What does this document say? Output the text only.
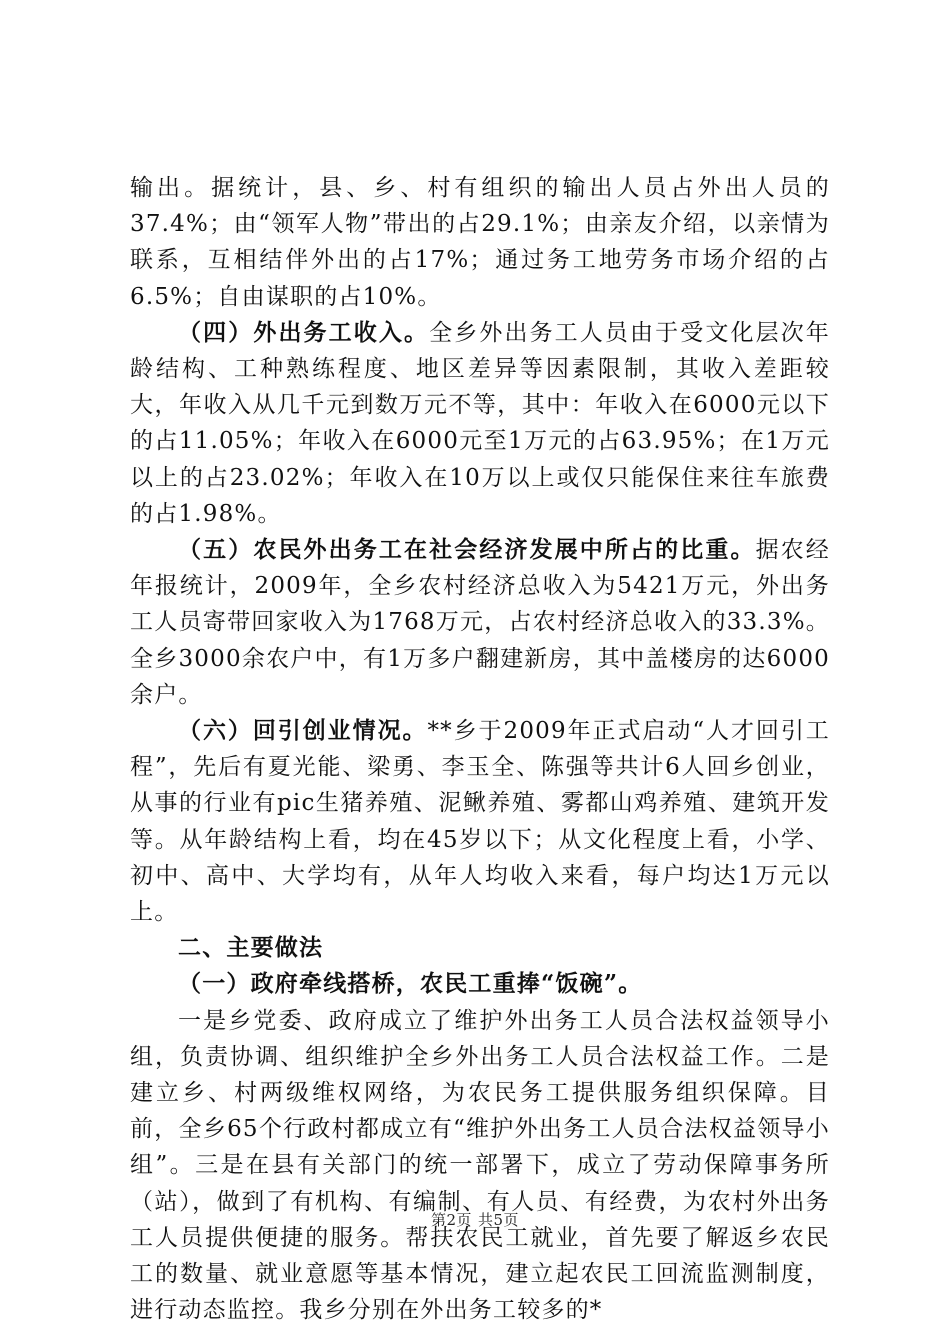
输出。据统计，县、乡、村有组织的输出人员占外出人员的37.4%；由“领军人物”带出的占29.1%；由亲友介绍，以亲情为联系，互相结伴外出的占17%；通过务工地劳务市场介绍的占6.5%；自由谋职的占10%。

（四）外出务工收入。全乡外出务工人员由于受文化层次年龄结构、工种熟练程度、地区差异等因素限制，其收入差距较大，年收入从几千元到数万元不等，其中：年收入在6000元以下的占11.05%；年收入在6000元至1万元的占63.95%；在1万元以上的占23.02%；年收入在10万以上或仅只能保住来往车旅费的占1.98%。

（五）农民外出务工在社会经济发展中所占的比重。据农经年报统计，2009年，全乡农村经济总收入为5421万元，外出务工人员寄带回家收入为1768万元，占农村经济总收入的33.3%。全乡3000余农户中，有1万多户翻建新房，其中盖楼房的达6000余户。

（六）回引创业情况。**乡于2009年正式启动“人才回引工程”，先后有夏光能、梁勇、李玉全、陈强等共计6人回乡创业，从事的行业有pic生猪养殖、泥鳅养殖、雾都山鸡养殖、建筑开发等。从年龄结构上看，均在45岁以下；从文化程度上看，小学、初中、高中、大学均有，从年人均收入来看，每户均达1万元以上。

二、主要做法

（一）政府牵线搭桥，农民工重捧“饭碗”。

一是乡党委、政府成立了维护外出务工人员合法权益领导小组，负责协调、组织维护全乡外出务工人员合法权益工作。二是建立乡、村两级维权网络，为农民务工提供服务组织保障。目前，全乡65个行政村都成立有“维护外出务工人员合法权益领导小组”。三是在县有关部门的统一部署下，成立了劳动保障事务所（站），做到了有机构、有编制、有人员、有经费，为农村外出务工人员提供便捷的服务。帮扶农民工就业，首先要了解返乡农民工的数量、就业意愿等基本情况，建立起农民工回流监测制度，进行动态监控。我乡分别在外出务工较多的*

第2页 共5页
